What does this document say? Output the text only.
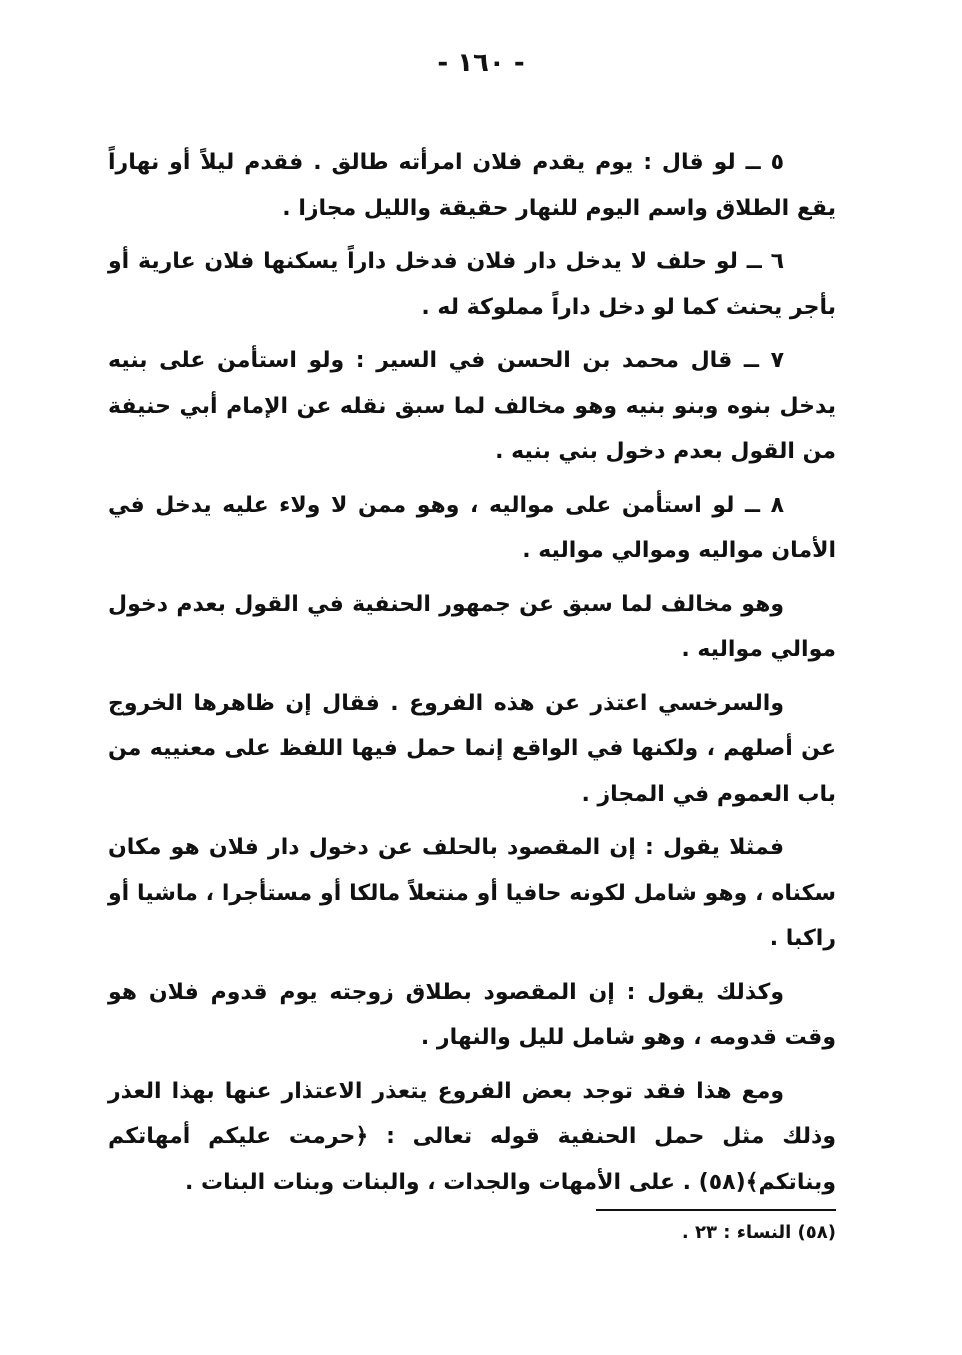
- ١٦٠ -

٥ ــ لو قال : يوم يقدم فلان امرأته طالق . فقدم ليلاً أو نهاراً يقع الطلاق واسم اليوم للنهار حقيقة والليل مجازا .

٦ ــ لو حلف لا يدخل دار فلان فدخل داراً يسكنها فلان عارية أو بأجر يحنث كما لو دخل داراً مملوكة له .

٧ ــ قال محمد بن الحسن في السير : ولو استأمن على بنيه يدخل بنوه وبنو بنيه وهو مخالف لما سبق نقله عن الإمام أبي حنيفة من القول بعدم دخول بني بنيه .

٨ ــ لو استأمن على مواليه ، وهو ممن لا ولاء عليه يدخل في الأمان مواليه وموالي مواليه .

وهو مخالف لما سبق عن جمهور الحنفية في القول بعدم دخول موالي مواليه .

والسرخسي اعتذر عن هذه الفروع . فقال إن ظاهرها الخروج عن أصلهم ، ولكنها في الواقع إنما حمل فيها اللفظ على معنييه من باب العموم في المجاز .

فمثلا يقول : إن المقصود بالحلف عن دخول دار فلان هو مكان سكناه ، وهو شامل لكونه حافيا أو منتعلاً مالكا أو مستأجرا ، ماشيا أو راكبا .

وكذلك يقول : إن المقصود بطلاق زوجته يوم قدوم فلان هو وقت قدومه ، وهو شامل لليل والنهار .

ومع هذا فقد توجد بعض الفروع يتعذر الاعتذار عنها بهذا العذر وذلك مثل حمل الحنفية قوله تعالى : ﴿حرمت عليكم أمهاتكم وبناتكم﴾(٥٨) . على الأمهات والجدات ، والبنات وبنات البنات .

(٥٨) النساء : ٢٣ .
